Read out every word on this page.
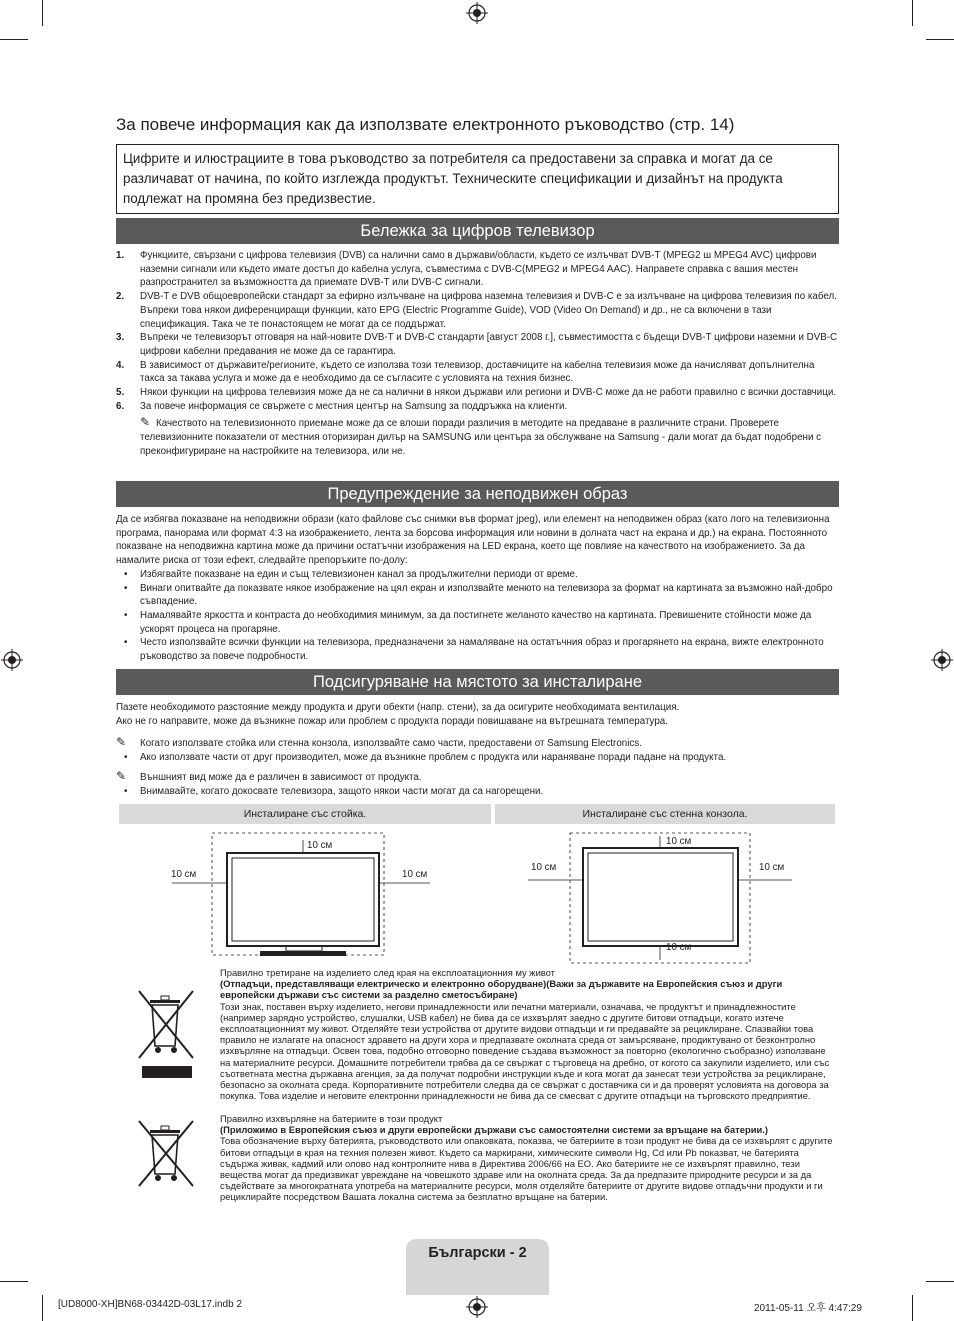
За повече информация как да използвате електронното ръководство (стр. 14)
Цифрите и илюстрациите в това ръководство за потребителя са предоставени за справка и могат да се различават от начина, по който изглежда продуктът. Техническите спецификации и дизайнът на продукта подлежат на промяна без предизвестие.
Бележка за цифров телевизор
1. Функциите, свързани с цифрова телевизия (DVB) са налични само в държави/области, където се излъчват DVB-T (MPEG2 ш MPEG4 AVC) цифрови наземни сигнали или където имате достъп до кабелна услуга, съвместима с DVB-C(MPEG2 и MPEG4 AAC). Направете справка с вашия местен разпространител за възможността да приемате DVB-T или DVB-C сигнали.
2. DVB-T е DVB общоевропейски стандарт за ефирно излъчване на цифрова наземна телевизия и DVB-C е за излъчване на цифрова телевизия по кабел. Въпреки това някои диференциращи функции, като EPG (Electric Programme Guide), VOD (Video On Demand) и др., не са включени в тази спецификация. Така че те понастоящем не могат да се поддържат.
3. Въпреки че телевизорът отговаря на най-новите DVB-T и DVB-C стандарти [август 2008 г.], съвместимостта с бъдещи DVB-T цифрови наземни и DVB-C цифрови кабелни предавания не може да се гарантира.
4. В зависимост от държавите/регионите, където се използва този телевизор, доставчиците на кабелна телевизия може да начисляват допълнителна такса за такава услуга и може да е необходимо да се съгласите с условията на техния бизнес.
5. Някои функции на цифрова телевизия може да не са налични в някои държави или региони и DVB-C може да не работи правилно с всички доставчици.
6. За повече информация се свържете с местния център на Samsung за поддръжка на клиенти.
✎ Качеството на телевизионното приемане може да се влоши поради различия в методите на предаване в различните страни. Проверете телевизионните показатели от местния оторизиран дилър на SAMSUNG или центъра за обслужване на Samsung - дали могат да бъдат подобрени с преконфигуриране на настройките на телевизора, или не.
Предупреждение за неподвижен образ
Да се избягва показване на неподвижни образи (като файлове със снимки във формат jpeg), или елемент на неподвижен образ (като лого на телевизионна програма, панорама или формат 4:3 на изображението, лента за борсова информация или новини в долната част на екрана и др.) на екрана. Постоянното показване на неподвижна картина може да причини остатъчни изображения на LED екрана, което ще повлияе на качеството на изображението. За да намалите риска от този ефект, следвайте препоръките по-долу:
• Избягвайте показване на един и същ телевизионен канал за продължителни периоди от време.
• Винаги опитвайте да показвате някое изображение на цял екран и използвайте менюто на телевизора за формат на картината за възможно най-добро съвпадение.
• Намалявайте яркостта и контраста до необходимия минимум, за да постигнете желаното качество на картината. Превишените стойности може да ускорят процеса на прогаряне.
• Често използвайте всички функции на телевизора, предназначени за намаляване на остатъчния образ и прогарянето на екрана, вижте електронното ръководство за повече подробности.
Подсигуряване на мястото за инсталиране
Пазете необходимото разстояние между продукта и други обекти (напр. стени), за да осигурите необходимата вентилация.
Ако не го направите, може да възникне пожар или проблем с продукта поради повишаване на вътрешната температура.
✎ Когато използвате стойка или стенна конзола, използвайте само части, предоставени от Samsung Electronics.
• Ако използвате части от друг производител, може да възникне проблем с продукта или нараняване поради падане на продукта.
✎ Външният вид може да е различен в зависимост от продукта.
• Внимавайте, когато докосвате телевизора, защото някои части могат да са нагорещени.
Инсталиране със стойка.	Инсталиране със стенна конзола.
10 см
10 см	10 см
10 см
10 см	10 см
10 см
Правилно третиране на изделието след края на експлоатационния му живот
(Отпадъци, представляващи електрическо и електронно оборудване)(Важи за държавите на Европейския съюз и други европейски държави със системи за разделно сметосъбиране)
Този знак, поставен върху изделието, негови принадлежности или печатни материали, означава, че продуктът и принадлежностите (например зарядно устройство, слушалки, USB кабел) не бива да се изхвърлят заедно с другите битови отпадъци, когато изтече експлоатационният му живот. Отделяйте тези устройства от другите видови отпадъци и ги предавайте за рециклиране. Спазвайки това правило не излагате на опасност здравето на други хора и предпазвате околната среда от замърсяване, продиктувано от безконтролно изхвърляне на отпадъци. Освен това, подобно отговорно поведение създава възможност за повторно (екологично съобразно) използване на материалните ресурси. Домашните потребители трябва да се свържат с търговеца на дребно, от когото са закупили изделието, или със съответната местна държавна агенция, за да получат подробни инструкции къде и кога могат да занесат тези устройства за рециклиране, безопасно за околната среда. Корпоративните потребители следва да се свържат с доставчика си и да проверят условията на договора за покупка. Това изделие и неговите електронни принадлежности не бива да се смесват с другите отпадъци на търговското предприятие.
Правилно изхвърляне на батериите в този продукт
(Приложимо в Европейския съюз и други европейски държави със самостоятелни системи за връщане на батерии.)
Това обозначение върху батерията, ръководството или опаковката, показва, че батериите в този продукт не бива да се изхвърлят с другите битови отпадъци в края на техния полезен живот. Където са маркирани, химическите символи Hg, Cd или Pb показват, че батерията съдържа живак, кадмий или олово над контролните нива в Директива 2006/66 на ЕО. Ако батериите не се изхвърлят правилно, тези вещества могат да предизвикат увреждане на човешкото здраве или на околната среда. За да предпазите природните ресурси и за да съдействате за многократната употреба на материалните ресурси, моля отделяйте батериите от другите видове отпадъчни продукти и ги рециклирайте посредством Вашата локална система за безплатно връщане на батерии.
Български - 2
[UD8000-XH]BN68-03442D-03L17.indb 2	2011-05-11 오후 4:47:29
